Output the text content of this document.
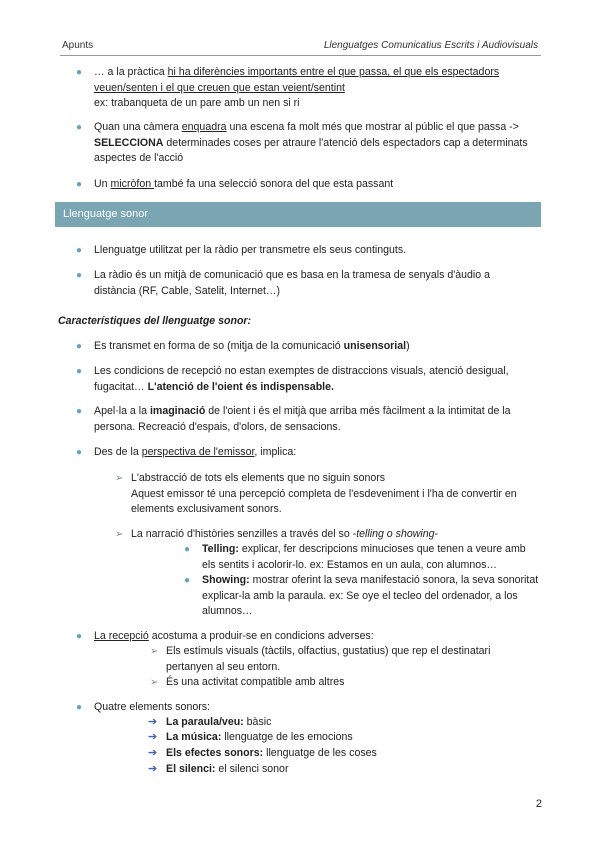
Apunts	Llenguatges Comunicatius Escrits i Audiovisuals
● … a la pràctica hi ha diferències importants entre el que passa, el que els espectadors veuen/senten i el que creuen que estan veient/sentint
ex: trabanqueta de un pare amb un nen si ri
● Quan una càmera enquadra una escena fa molt més que mostrar al públic el que passa ->
SELECCIONA determinades coses per atraure l'atenció dels espectadors cap a determinats aspectes de l'acció
● Un micròfon també fa una selecció sonora del que esta passant
Llenguatge sonor
● Llenguatge utilitzat per la ràdio per transmetre els seus continguts.
● La ràdio és un mitjà de comunicació que es basa en la tramesa de senyals d'àudio a distància (RF, Cable, Satelit, Internet…)
Característiques del llenguatge sonor:
● Es transmet en forma de so (mitja de la comunicació unisensorial)
● Les condicions de recepció no estan exemptes de distraccions visuals, atenció desigual, fugacitat… L'atenció de l'oient és indispensable.
● Apel·la a la imaginació de l'oient i és el mitjà que arriba més fàcilment a la intimitat de la persona. Recreació d'espais, d'olors, de sensacions.
● Des de la perspectiva de l'emissor, implica:
➢ L'abstracció de tots els elements que no siguin sonors
Aquest emissor té una percepció completa de l'esdeveniment i l'ha de convertir en elements exclusivament sonors.
➢ La narració d'històries senzilles a través del so -telling o showing-
● Telling: explicar, fer descripcions minucioses que tenen a veure amb els sentits i acolorir-lo. ex: Estamos en un aula, con alumnos…
● Showing: mostrar oferint la seva manifestació sonora, la seva sonoritat explicar-la amb la paraula. ex: Se oye el tecleo del ordenador, a los alumnos…
● La recepció acostuma a produir-se en condicions adverses:
➢ Els estímuls visuals (tàctils, olfactius, gustatius) que rep el destinatari pertanyen al seu entorn.
➢ És una activitat compatible amb altres
● Quatre elements sonors:
➔ La paraula/veu: bàsic
➔ La música: llenguatge de les emocions
➔ Els efectes sonors: llenguatge de les coses
➔ El silenci: el silenci sonor
2
